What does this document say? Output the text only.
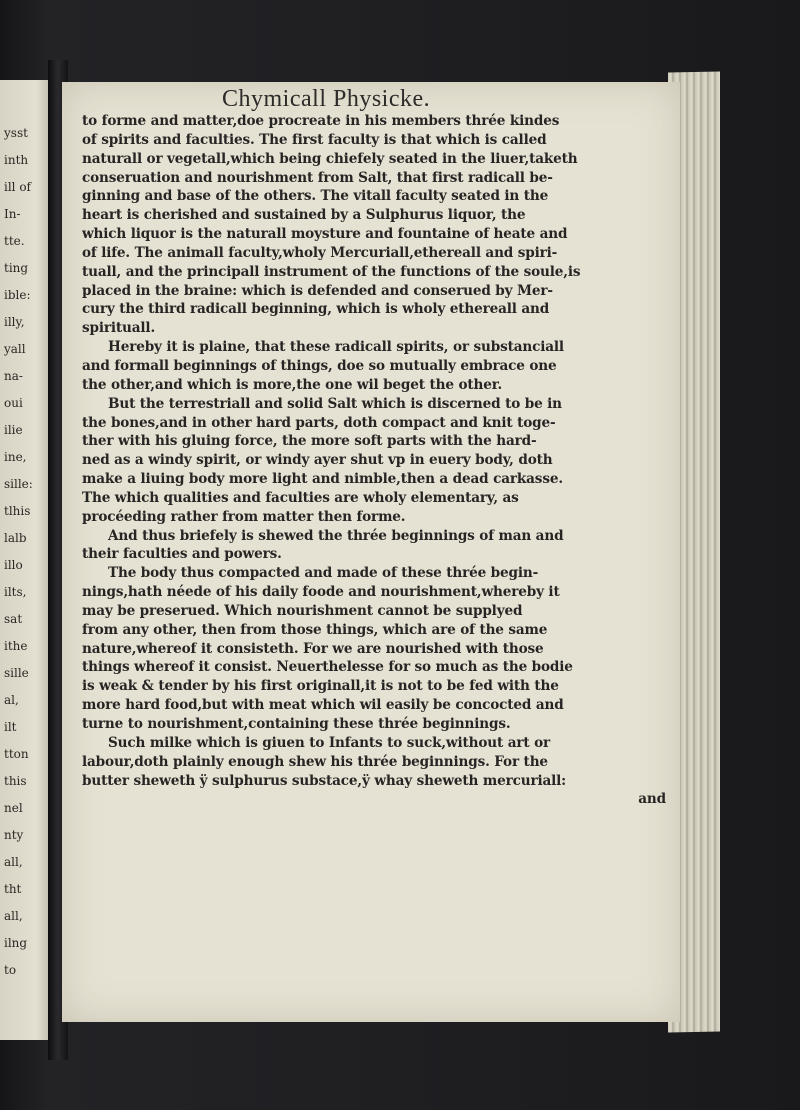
ysst
inth
ill of
In-
tte.
ting
ible:
illy,
yall
na-
oui
ilie
ine,
sille:
tlhis
lalb
illo
ilts,
sat
ithe
sille
al,
ilt
tton
this
nel
nty
all,
tht
all,
ilng
to
Chymicall Physicke.
to forme and matter,doe procreate in his members thrée kindes
of spirits and faculties. The first faculty is that which is called
naturall or vegetall,which being chiefely seated in the liuer,taketh
conseruation and nourishment from Salt, that first radicall be-
ginning and base of the others. The vitall faculty seated in the
heart is cherished and sustained by a Sulphurus liquor, the
which liquor is the naturall moysture and fountaine of heate and
of life. The animall faculty,wholy Mercuriall,ethereall and spiri-
tuall, and the principall instrument of the functions of the soule,is
placed in the braine: which is defended and conserued by Mer-
cury the third radicall beginning, which is wholy ethereall and
spirituall.
Hereby it is plaine, that these radicall spirits, or substanciall
and formall beginnings of things, doe so mutually embrace one
the other,and which is more,the one wil beget the other.
But the terrestriall and solid Salt which is discerned to be in
the bones,and in other hard parts, doth compact and knit toge-
ther with his gluing force, the more soft parts with the hard-
ned as a windy spirit, or windy ayer shut vp in euery body, doth
make a liuing body more light and nimble,then a dead carkasse.
The which qualities and faculties are wholy elementary, as
procéeding rather from matter then forme.
And thus briefely is shewed the thrée beginnings of man and
their faculties and powers.
The body thus compacted and made of these thrée begin-
nings,hath néede of his daily foode and nourishment,whereby it
may be preserued. Which nourishment cannot be supplyed
from any other, then from those things, which are of the same
nature,whereof it consisteth. For we are nourished with those
things whereof it consist. Neuerthelesse for so much as the bodie
is weak & tender by his first originall,it is not to be fed with the
more hard food,but with meat which wil easily be concocted and
turne to nourishment,containing these thrée beginnings.
Such milke which is giuen to Infants to suck,without art or
labour,doth plainly enough shew his thrée beginnings. For the
butter sheweth ÿ sulphurus substace,ÿ whay sheweth mercuriall:
and
